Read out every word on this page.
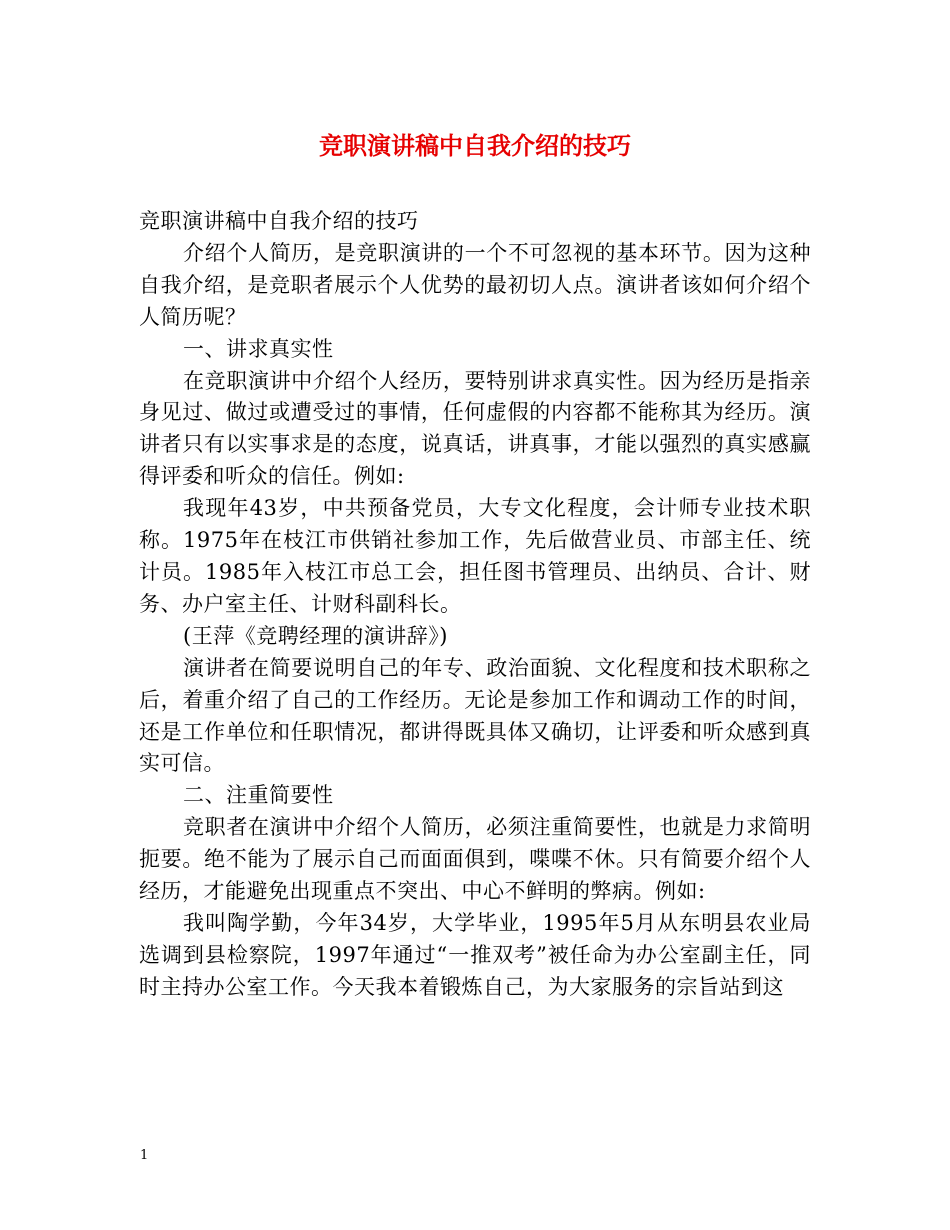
竞职演讲稿中自我介绍的技巧

竞职演讲稿中自我介绍的技巧

介绍个人简历，是竞职演讲的一个不可忽视的基本环节。因为这种自我介绍，是竞职者展示个人优势的最初切人点。演讲者该如何介绍个人简历呢？

一、讲求真实性

在竞职演讲中介绍个人经历，要特别讲求真实性。因为经历是指亲身见过、做过或遭受过的事情，任何虚假的内容都不能称其为经历。演讲者只有以实事求是的态度，说真话，讲真事，才能以强烈的真实感赢得评委和听众的信任。例如:

我现年43岁，中共预备党员，大专文化程度，会计师专业技术职称。1975年在枝江市供销社参加工作，先后做营业员、市部主任、统计员。1985年入枝江市总工会，担任图书管理员、出纳员、合计、财务、办户室主任、计财科副科长。

(王萍《竞聘经理的演讲辞》)

演讲者在简要说明自己的年专、政治面貌、文化程度和技术职称之后，着重介绍了自己的工作经历。无论是参加工作和调动工作的时间，还是工作单位和任职情况，都讲得既具体又确切，让评委和听众感到真实可信。

二、注重简要性

竞职者在演讲中介绍个人简历，必须注重简要性，也就是力求简明扼要。绝不能为了展示自己而面面俱到，喋喋不休。只有简要介绍个人经历，才能避免出现重点不突出、中心不鲜明的弊病。例如:

我叫陶学勤，今年34岁，大学毕业，1995年5月从东明县农业局选调到县检察院，1997年通过“一推双考”被任命为办公室副主任，同时主持办公室工作。今天我本着锻炼自己，为大家服务的宗旨站到这

1
